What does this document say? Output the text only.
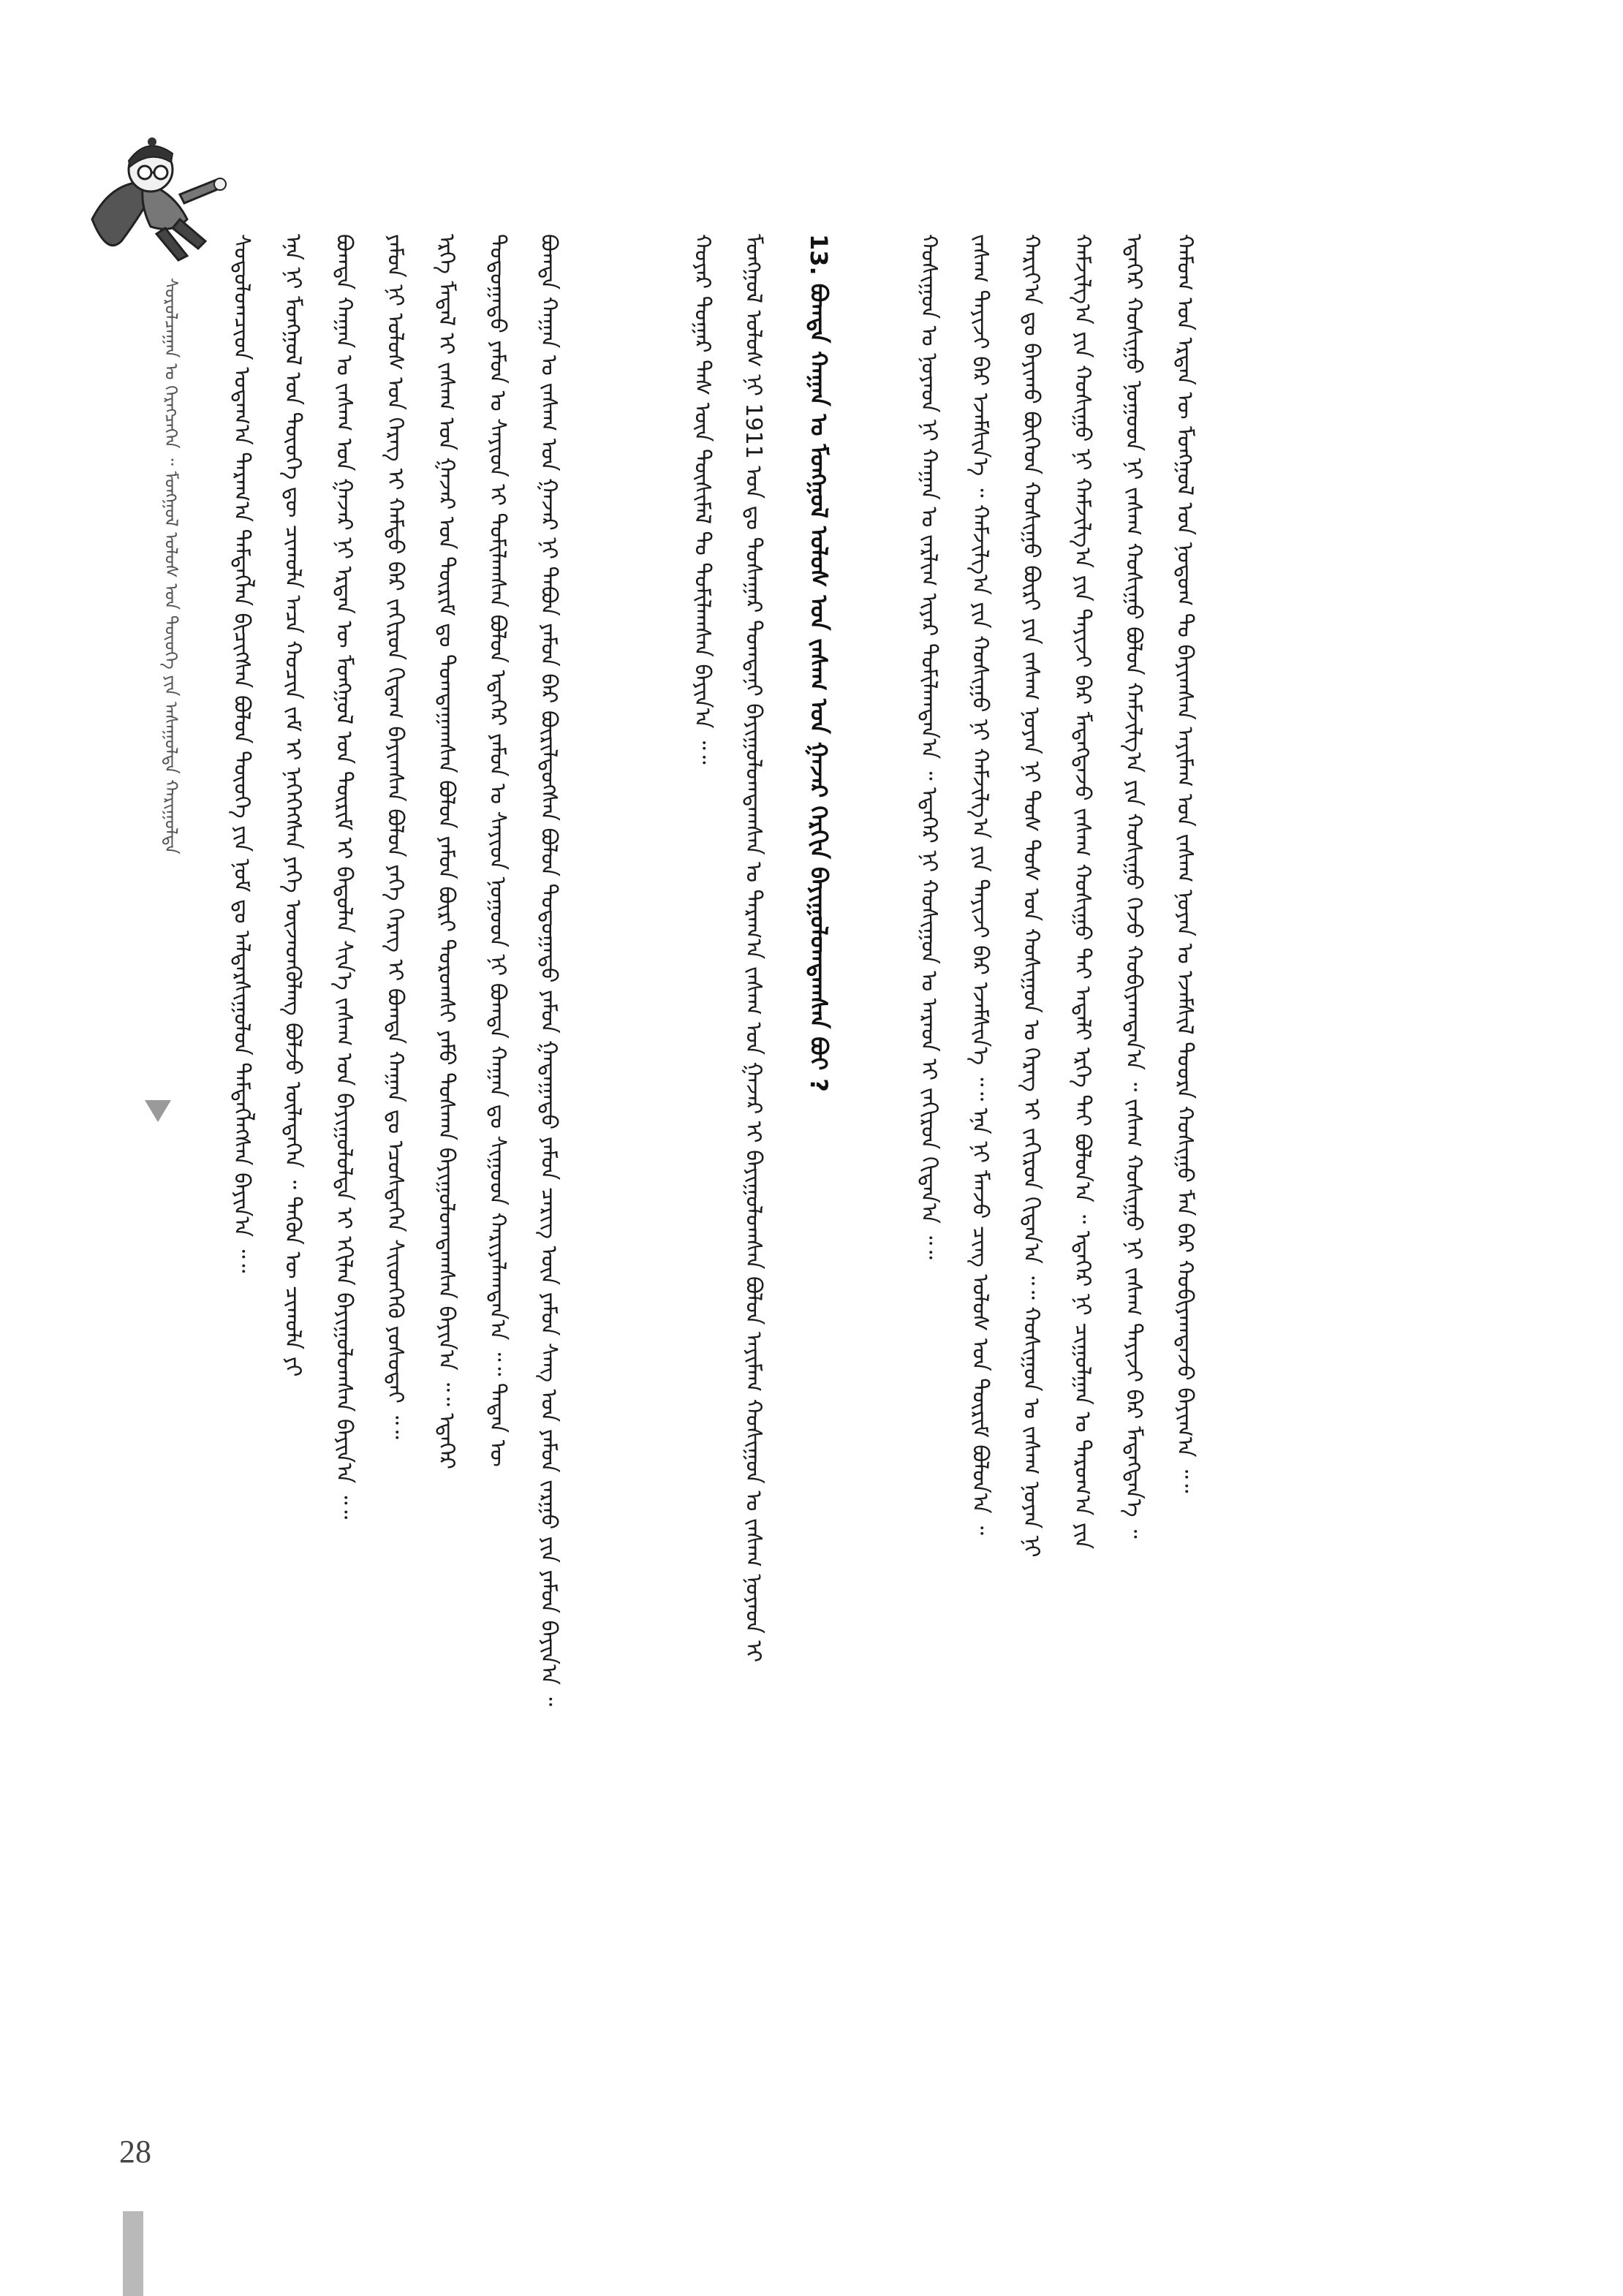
ᠰᠤᠷᠤᠯᠴᠠᠭᠠᠨ ᠤ ᠬᠡᠷᠡᠭᠴᠡᠭᠡᠨ ᠃ ᠮᠣᠩᠭᠣᠯ ᠤᠯᠤᠰ ᠤᠨ ᠲᠦᠦᠬᠡ ᠶᠢᠨ ᠠᠰᠠᠭᠤᠯᠲᠠ ᠬᠠᠷᠢᠭᠤᠯᠲᠠ ᠰᠣᠳᠤᠯᠤᠭᠴᠢᠳ ᠤᠳᠠᠭ᠎ᠠ ᠳᠠᠷᠠᠭ᠎ᠠ ᠲᠡᠮᠳᠡᠭᠯᠡᠨ ᠪᠢᠴᠢᠭᠰᠡᠨ ᠪᠣᠯᠤᠨ ᠲᠦᠦᠬᠡ ᠶᠢᠨ ᠨᠣᠮ ᠳᠤ ᠠᠯᠳᠠᠷᠰᠢᠭᠤᠯᠤᠨ ᠲᠡᠮᠳᠡᠭᠯᠡᠭᠰᠡᠨ ᠪᠠᠶᠢᠨ᠎ᠠ ᠃᠃ ᠡᠨᠡ ᠨᠢ ᠮᠣᠩᠭᠣᠯ ᠤᠨ ᠲᠦᠦᠬᠡ ᠳᠦ ᠴᠢᠬᠤᠯᠠ ᠠᠴᠠ ᠬᠣᠴᠢᠨ ᠵᠠᠮ ᠢ ᠨᠡᠭᠡᠭᠡᠭᠰᠡᠨ ᠶᠡᠬᠡ ᠦᠵᠡᠳᠬᠦᠯᠡᠩ ᠪᠣᠯᠵᠤ ᠦᠯᠡᠳᠡᠭᠡᠨ ᠃ ᠲᠡᠭᠦᠨ ᠦ ᠴᠢᠬᠤᠯᠠ ᠶᠢ ᠪᠣᠭᠳᠠ ᠬᠠᠭᠠᠨ ᠤ ᠵᠠᠰᠠᠭ ᠤᠨ ᠭᠠᠵᠠᠷ ᠨᠢ ᠡᠷᠲᠡᠨ ᠦ ᠮᠣᠩᠭᠣᠯ ᠤᠨ ᠳᠦᠷᠢᠮ ᠢ ᠪᠠᠲᠤᠯᠠᠨ ᠰᠢᠨ᠎ᠡ ᠵᠠᠰᠠᠭ ᠤᠨ ᠪᠠᠶᠢᠭᠤᠯᠤᠯᠲᠠ ᠢ ᠡᠬᠢᠯᠡᠨ ᠪᠠᠶᠢᠭᠤᠯᠤᠭᠰᠠᠨ ᠪᠠᠶᠢᠨ᠎ᠠ ᠃᠃ ᠶᠠᠮᠤᠨ ᠨᠢ ᠤᠯᠤᠰ ᠤᠨ ᠬᠡᠷᠡᠭ ᠢ ᠬᠠᠮᠲᠤ ᠪᠠᠷ ᠵᠠᠬᠢᠷᠤᠨ ᠬᠢᠳᠠᠭ ᠪᠠᠶᠢᠭᠰᠠᠨ ᠪᠣᠯᠤᠨ ᠶᠡᠬᠡ ᠬᠡᠷᠡᠭ ᠢ ᠪᠣᠭᠳᠠ ᠬᠠᠭᠠᠨ ᠳᠤ ᠡᠴᠦᠰᠲᠡᠭᠡᠨ ᠰᠢᠢᠳᠬᠡᠬᠦ ᠶᠣᠰᠣᠲᠠᠢ ᠃᠃ ᠡᠷᠬᠡ ᠮᠡᠳᠡᠯ ᠢ ᠵᠠᠰᠠᠭ ᠤᠨ ᠭᠠᠵᠠᠷ ᠤᠨ ᠳᠦᠷᠢᠮ ᠳᠤ ᠲᠣᠭᠲᠠᠭᠠᠭᠰᠠᠨ ᠪᠣᠯᠤᠨ ᠶᠠᠮᠤᠨ ᠪᠦᠷᠢ ᠳᠣᠷᠤᠭᠰᠢ ᠶᠠᠮᠤ ᠲᠣᠰᠬᠠᠨ ᠪᠠᠶᠢᠭᠤᠯᠤᠭᠳᠠᠭᠰᠠᠨ ᠪᠠᠶᠢᠨ᠎ᠠ ᠃᠃ ᠡᠳᠡᠭᠡᠷ ᠳᠣᠲᠣᠭᠠᠳᠤ ᠶᠠᠮᠤᠨ ᠤ ᠰᠠᠶᠢᠳ ᠢ ᠲᠣᠮᠢᠯᠠᠭᠰᠠᠨ ᠪᠣᠯᠤᠨ ᠡᠳᠡᠭᠡᠷ ᠶᠠᠮᠤᠨ ᠤ ᠰᠠᠶᠢᠳ ᠨᠤᠭᠤᠳ ᠨᠢ ᠪᠣᠭᠳᠠ ᠬᠠᠭᠠᠨ ᠳᠤ ᠰᠢᠭᠤᠳ ᠬᠠᠷᠢᠶᠠᠯᠠᠭᠳᠠᠨ᠎ᠠ ᠃᠃ ᠲᠡᠳᠡᠨ ᠦ ᠪᠣᠭᠳᠠ ᠬᠠᠭᠠᠨ ᠤ ᠵᠠᠰᠠᠭ ᠤᠨ ᠭᠠᠵᠠᠷ ᠨᠢ ᠲᠠᠪᠤᠨ ᠶᠠᠮᠤᠨ ᠪᠠᠷ ᠪᠦᠷᠢᠯᠳᠦᠭᠰᠡᠨ ᠪᠣᠯᠤᠨ ᠳᠣᠲᠣᠭᠠᠳᠤ ᠶᠠᠮᠤᠨ ᠭᠠᠳᠠᠭᠠᠳᠤ ᠶᠠᠮᠤᠨ ᠴᠡᠷᠢᠭ ᠦᠨ ᠶᠠᠮᠤᠨ ᠰᠠᠩ ᠤᠨ ᠶᠠᠮᠤᠨ ᠵᠠᠷᠭᠤ ᠶᠢᠨ ᠶᠠᠮᠤᠨ ᠪᠠᠶᠢᠨ᠎ᠠ ᠃	ᠬᠣᠶᠠᠷ ᠳᠤᠭᠠᠷ ᠳᠡᠰ ᠦᠨ ᠲᠦᠰᠢᠮᠡᠯ ᠲᠤ ᠲᠣᠮᠢᠯᠠᠭᠰᠠᠨ ᠪᠠᠶᠢᠨ᠎ᠠ ᠃᠃ ᠮᠣᠩᠭᠣᠯ ᠤᠯᠤᠰ ᠨᠢ 1911 ᠣᠨ ᠳᠤ ᠲᠤᠰᠠᠭᠠᠷ ᠲᠤᠭᠲᠠᠨᠢ ᠪᠠᠶᠢᠭᠤᠯᠤᠭᠳᠠᠭᠰᠠᠨ ᠤ ᠳᠠᠷᠠᠭ᠎ᠠ ᠵᠠᠰᠠᠭ ᠤᠨ ᠭᠠᠵᠠᠷ ᠢ ᠪᠠᠶᠢᠭᠤᠯᠤᠭᠰᠠᠨ ᠪᠣᠯᠤᠨ ᠠᠶᠢᠮᠠᠭ ᠬᠣᠰᠢᠭᠤᠨ ᠤ ᠵᠠᠰᠠᠭ ᠨᠣᠶᠠᠳ ᠢ 13. ᠪᠣᠭᠳᠠ ᠬᠠᠭᠠᠨ ᠤ ᠮᠣᠩᠭᠣᠯ ᠤᠯᠤᠰ ᠤᠨ ᠵᠠᠰᠠᠭ ᠤᠨ ᠭᠠᠵᠠᠷ ᠬᠡᠷᠬᠢᠨ ᠪᠠᠶᠢᠭᠤᠯᠤᠭᠳᠠᠭᠰᠠᠨ ᠪᠤᠢ ?	ᠬᠣᠰᠢᠭᠤᠨ ᠤ ᠨᠣᠶᠠᠳ ᠨᠢ ᠬᠠᠭᠠᠨ ᠤ ᠵᠠᠷᠯᠢᠭ ᠢᠶᠠᠷ ᠲᠣᠮᠢᠯᠠᠭᠳᠠᠨ᠎ᠠ ᠃ ᠡᠳᠡᠭᠡᠷ ᠨᠢ ᠬᠣᠰᠢᠭᠤᠨ ᠤ ᠠᠷᠠᠳ ᠢ ᠵᠠᠬᠢᠷᠤᠨ ᠬᠢᠳᠠᠨ᠎ᠠ ᠃᠃ ᠵᠠᠰᠠᠭ ᠲᠠᠶᠢᠵᠢ ᠪᠠᠷ ᠡᠵᠡᠮᠰᠢᠨ᠎ᠡ ᠃ ᠬᠠᠮᠵᠢᠯᠭ᠎ᠠ ᠶᠢᠨ ᠬᠣᠰᠢᠭᠤ ᠨᠢ ᠬᠠᠮᠵᠢᠯᠭ᠎ᠠ ᠶᠢᠨ ᠲᠠᠶᠢᠵᠢ ᠪᠠᠷ ᠡᠵᠡᠮᠰᠢᠨ᠎ᠡ ᠃᠃ ᠡᠨᠡ ᠨᠢ ᠮᠠᠨᠵᠤ ᠴᠢᠩ ᠤᠯᠤᠰ ᠤᠨ ᠳᠦᠷᠢᠮ ᠪᠣᠯᠤᠨ᠎ᠠ ᠃ ᠬᠠᠷᠢᠶ᠎ᠠ ᠳᠤ ᠪᠠᠶᠢᠬᠤ ᠪᠥᠭᠡᠳ ᠬᠣᠰᠢᠭᠤ ᠪᠦᠷᠢ ᠶᠢᠨ ᠵᠠᠰᠠᠭ ᠨᠣᠶᠠᠨ ᠨᠢ ᠲᠤᠰ ᠲᠤᠰ ᠤᠨ ᠬᠣᠰᠢᠭᠤᠨ ᠤ ᠬᠡᠷᠡᠭ ᠢ ᠵᠠᠬᠢᠷᠤᠨ ᠬᠢᠳᠠᠨ᠎ᠠ ᠃᠃ ᠬᠣᠰᠢᠭᠤᠨ ᠤ ᠵᠠᠰᠠᠭ ᠨᠣᠶᠠᠨ ᠨᠢ ᠬᠠᠮᠵᠢᠯᠭ᠎ᠠ ᠶᠢᠨ ᠬᠣᠰᠢᠭᠤ ᠨᠢ ᠬᠠᠮᠵᠢᠯᠭ᠎ᠠ ᠶᠢᠨ ᠲᠠᠶᠢᠵᠢ ᠪᠠᠷ ᠮᠡᠳᠡᠭᠳᠡᠵᠦ ᠵᠠᠰᠠᠭ ᠬᠣᠰᠢᠭᠤ ᠲᠠᠢ ᠠᠳᠠᠯᠢ ᠡᠷᠬᠡ ᠲᠠᠢ ᠪᠣᠯᠤᠨ᠎ᠠ ᠃ ᠡᠳᠡᠭᠡᠷ ᠨᠢ ᠴᠢᠭᠤᠯᠭᠠᠨ ᠤ ᠳᠠᠷᠤᠭ᠎ᠠ ᠶᠢᠨ ᠡᠳᠡᠭᠡᠷ ᠬᠣᠰᠢᠭᠤ ᠨᠤᠭᠤᠳ ᠨᠢ ᠵᠠᠰᠠᠭ ᠬᠣᠰᠢᠭᠤ ᠪᠣᠯᠤᠨ ᠬᠠᠮᠵᠢᠯᠭ᠎ᠠ ᠶᠢᠨ ᠬᠣᠰᠢᠭᠤ ᠭᠡᠵᠦ ᠬᠤᠪᠢᠶᠠᠭᠳᠠᠨ᠎ᠠ ᠃ ᠵᠠᠰᠠᠭ ᠬᠣᠰᠢᠭᠤ ᠨᠢ ᠵᠠᠰᠠᠭ ᠲᠠᠶᠢᠵᠢ ᠪᠠᠷ ᠮᠡᠳᠡᠭᠳᠡᠨ᠎ᠡ ᠃ ᠬᠠᠮᠤᠭ ᠤᠨ ᠡᠷᠲᠡᠨ ᠦ ᠮᠣᠩᠭᠣᠯ ᠤᠨ ᠨᠤᠲᠤᠭ ᠲᠤ ᠪᠠᠶᠢᠭᠰᠠᠨ ᠠᠶᠢᠮᠠᠭ ᠤᠨ ᠵᠠᠰᠠᠭ ᠨᠣᠶᠠᠨ ᠤ ᠡᠵᠡᠮᠰᠢᠯ ᠳᠣᠣᠷᠠ ᠬᠣᠰᠢᠭᠤ ᠮᠠᠨ ᠪᠠᠷ ᠬᠤᠪᠢᠶᠠᠭᠳᠠᠵᠤ ᠪᠠᠶᠢᠭ᠎ᠠ ᠃᠃
28
